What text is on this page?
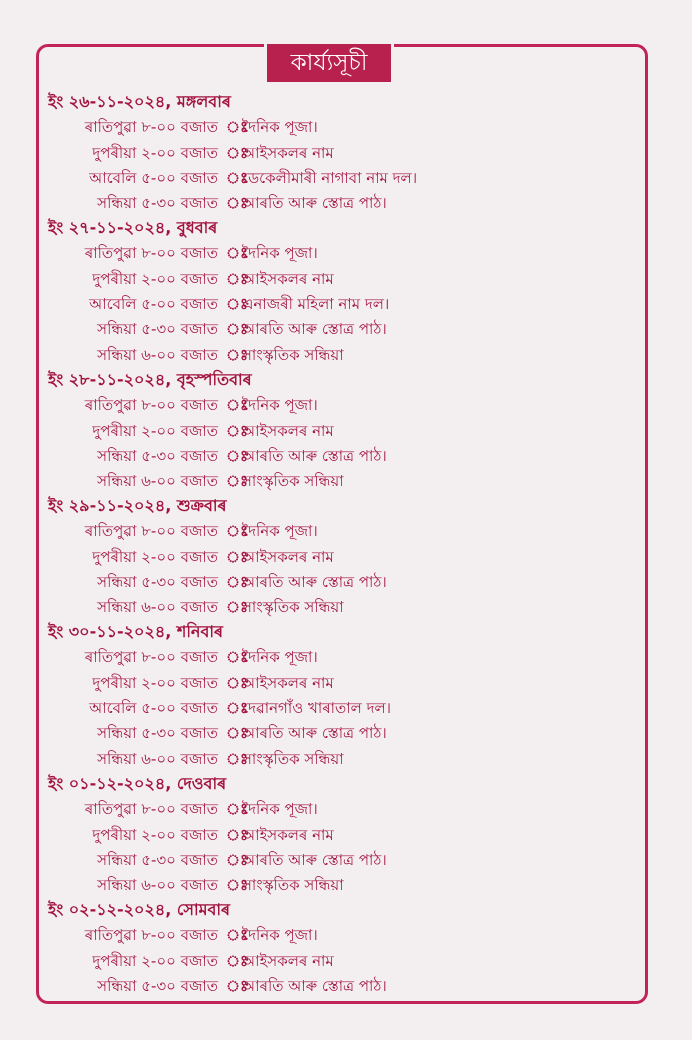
কাৰ্য্যসূচী
ইং ২৬-১১-২০২৪, মঙ্গলবাৰ
ৰাতিপুৱা ৮-০০ বজাত ঃ
দৈনিক পূজা।
দুপৰীয়া ২-০০ বজাত ঃ
আইসকলৰ নাম
আবেলি ৫-০০ বজাত ঃ
ডেকেলীমাৰী নাগাবা নাম দল।
সন্ধিয়া ৫-৩০ বজাত ঃ
আৰতি আৰু স্তোত্ৰ পাঠ।
ইং ২৭-১১-২০২৪, বুধবাৰ
ৰাতিপুৱা ৮-০০ বজাত ঃ
দৈনিক পূজা।
দুপৰীয়া ২-০০ বজাত ঃ
আইসকলৰ নাম
আবেলি ৫-০০ বজাত ঃ
এনাজৰী মহিলা নাম দল।
সন্ধিয়া ৫-৩০ বজাত ঃ
আৰতি আৰু স্তোত্ৰ পাঠ।
সন্ধিয়া ৬-০০ বজাত ঃ
সাংস্কৃতিক সন্ধিয়া
ইং ২৮-১১-২০২৪, বৃহস্পতিবাৰ
ৰাতিপুৱা ৮-০০ বজাত ঃ
দৈনিক পূজা।
দুপৰীয়া ২-০০ বজাত ঃ
আইসকলৰ নাম
সন্ধিয়া ৫-৩০ বজাত ঃ
আৰতি আৰু স্তোত্ৰ পাঠ।
সন্ধিয়া ৬-০০ বজাত ঃ
সাংস্কৃতিক সন্ধিয়া
ইং ২৯-১১-২০২৪, শুক্ৰবাৰ
ৰাতিপুৱা ৮-০০ বজাত ঃ
দৈনিক পূজা।
দুপৰীয়া ২-০০ বজাত ঃ
আইসকলৰ নাম
সন্ধিয়া ৫-৩০ বজাত ঃ
আৰতি আৰু স্তোত্ৰ পাঠ।
সন্ধিয়া ৬-০০ বজাত ঃ
সাংস্কৃতিক সন্ধিয়া
ইং ৩০-১১-২০২৪, শনিবাৰ
ৰাতিপুৱা ৮-০০ বজাত ঃ
দৈনিক পূজা।
দুপৰীয়া ২-০০ বজাত ঃ
আইসকলৰ নাম
আবেলি ৫-০০ বজাত ঃ
দেৱানগাঁও খাৰাতাল দল।
সন্ধিয়া ৫-৩০ বজাত ঃ
আৰতি আৰু স্তোত্ৰ পাঠ।
সন্ধিয়া ৬-০০ বজাত ঃ
সাংস্কৃতিক সন্ধিয়া
ইং ০১-১২-২০২৪, দেওবাৰ
ৰাতিপুৱা ৮-০০ বজাত ঃ
দৈনিক পূজা।
দুপৰীয়া ২-০০ বজাত ঃ
আইসকলৰ নাম
সন্ধিয়া ৫-৩০ বজাত ঃ
আৰতি আৰু স্তোত্ৰ পাঠ।
সন্ধিয়া ৬-০০ বজাত ঃ
সাংস্কৃতিক সন্ধিয়া
ইং ০২-১২-২০২৪, সোমবাৰ
ৰাতিপুৱা ৮-০০ বজাত ঃ
দৈনিক পূজা।
দুপৰীয়া ২-০০ বজাত ঃ
আইসকলৰ নাম
সন্ধিয়া ৫-৩০ বজাত ঃ
আৰতি আৰু স্তোত্ৰ পাঠ।
